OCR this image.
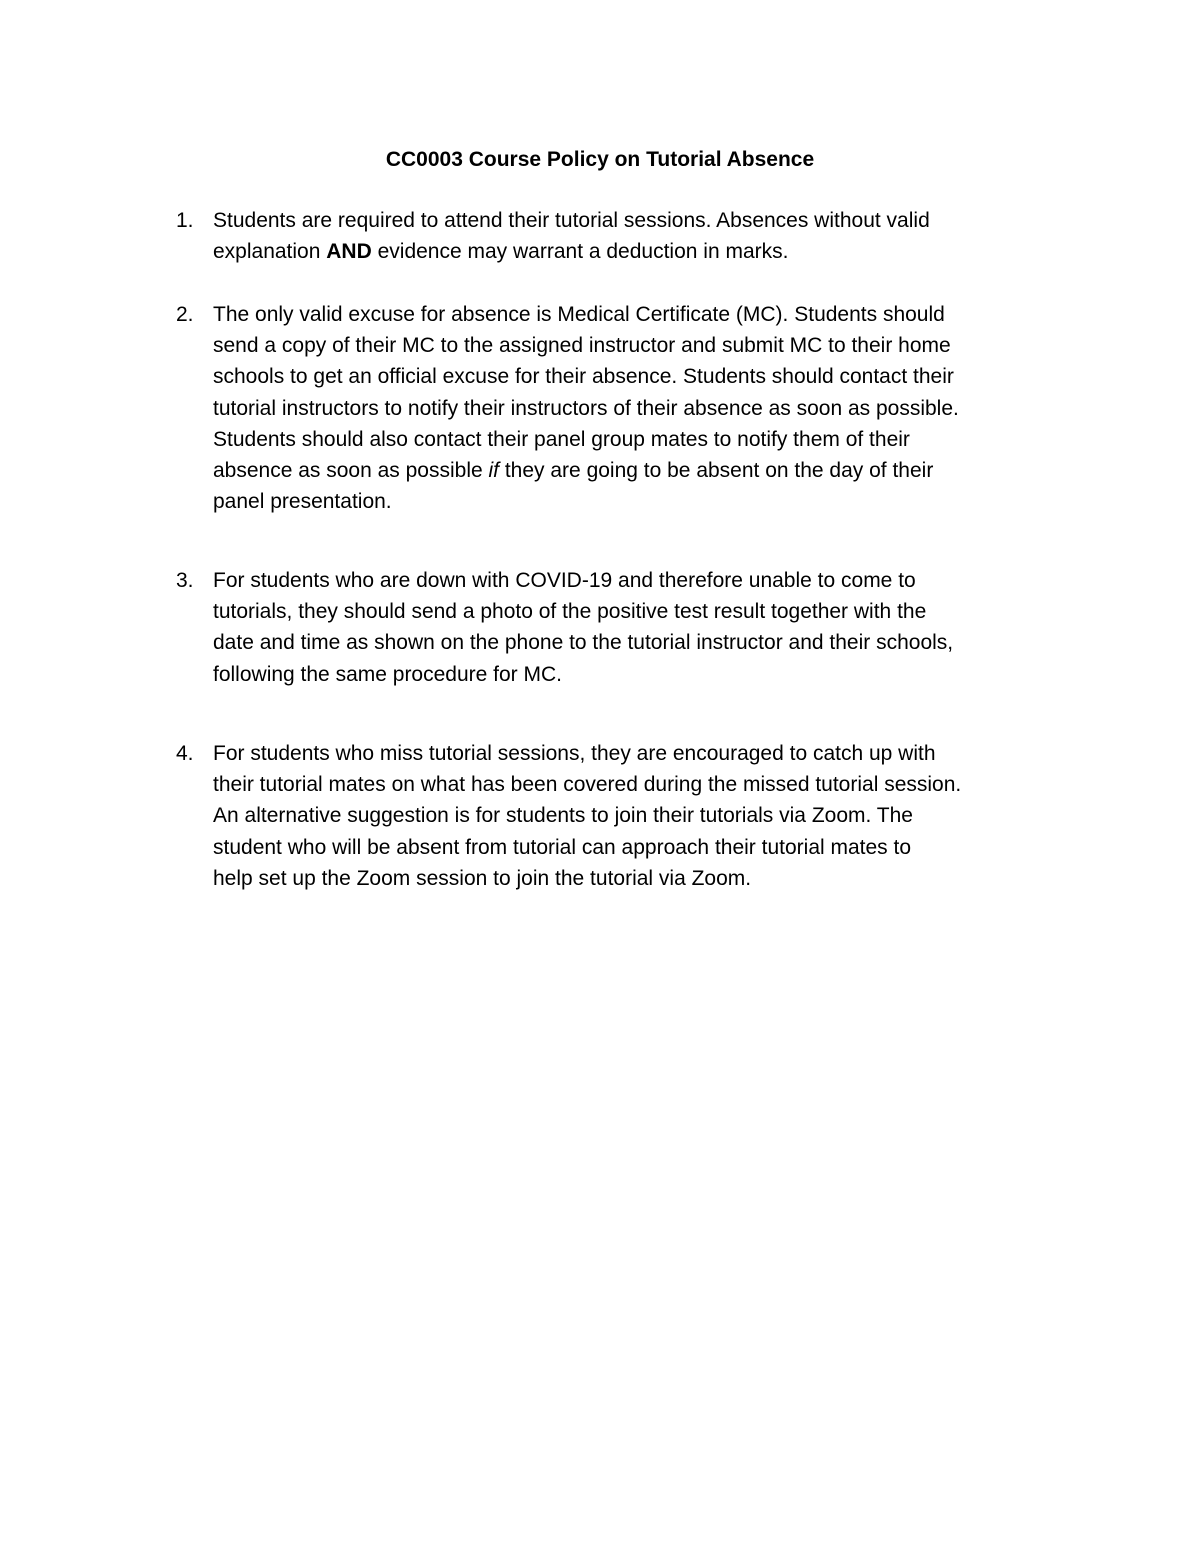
CC0003 Course Policy on Tutorial Absence
1. Students are required to attend their tutorial sessions. Absences without valid

explanation AND evidence may warrant a deduction in marks.

2. The only valid excuse for absence is Medical Certificate (MC). Students should

send a copy of their MC to the assigned instructor and submit MC to their home

schools to get an official excuse for their absence. Students should contact their

tutorial instructors to notify their instructors of their absence as soon as possible.

Students should also contact their panel group mates to notify them of their

absence as soon as possible if they are going to be absent on the day of their

panel presentation.

3. For students who are down with COVID-19 and therefore unable to come to

tutorials, they should send a photo of the positive test result together with the

date and time as shown on the phone to the tutorial instructor and their schools,

following the same procedure for MC.

4. For students who miss tutorial sessions, they are encouraged to catch up with

their tutorial mates on what has been covered during the missed tutorial session.

An alternative suggestion is for students to join their tutorials via Zoom. The

student who will be absent from tutorial can approach their tutorial mates to

help set up the Zoom session to join the tutorial via Zoom.
